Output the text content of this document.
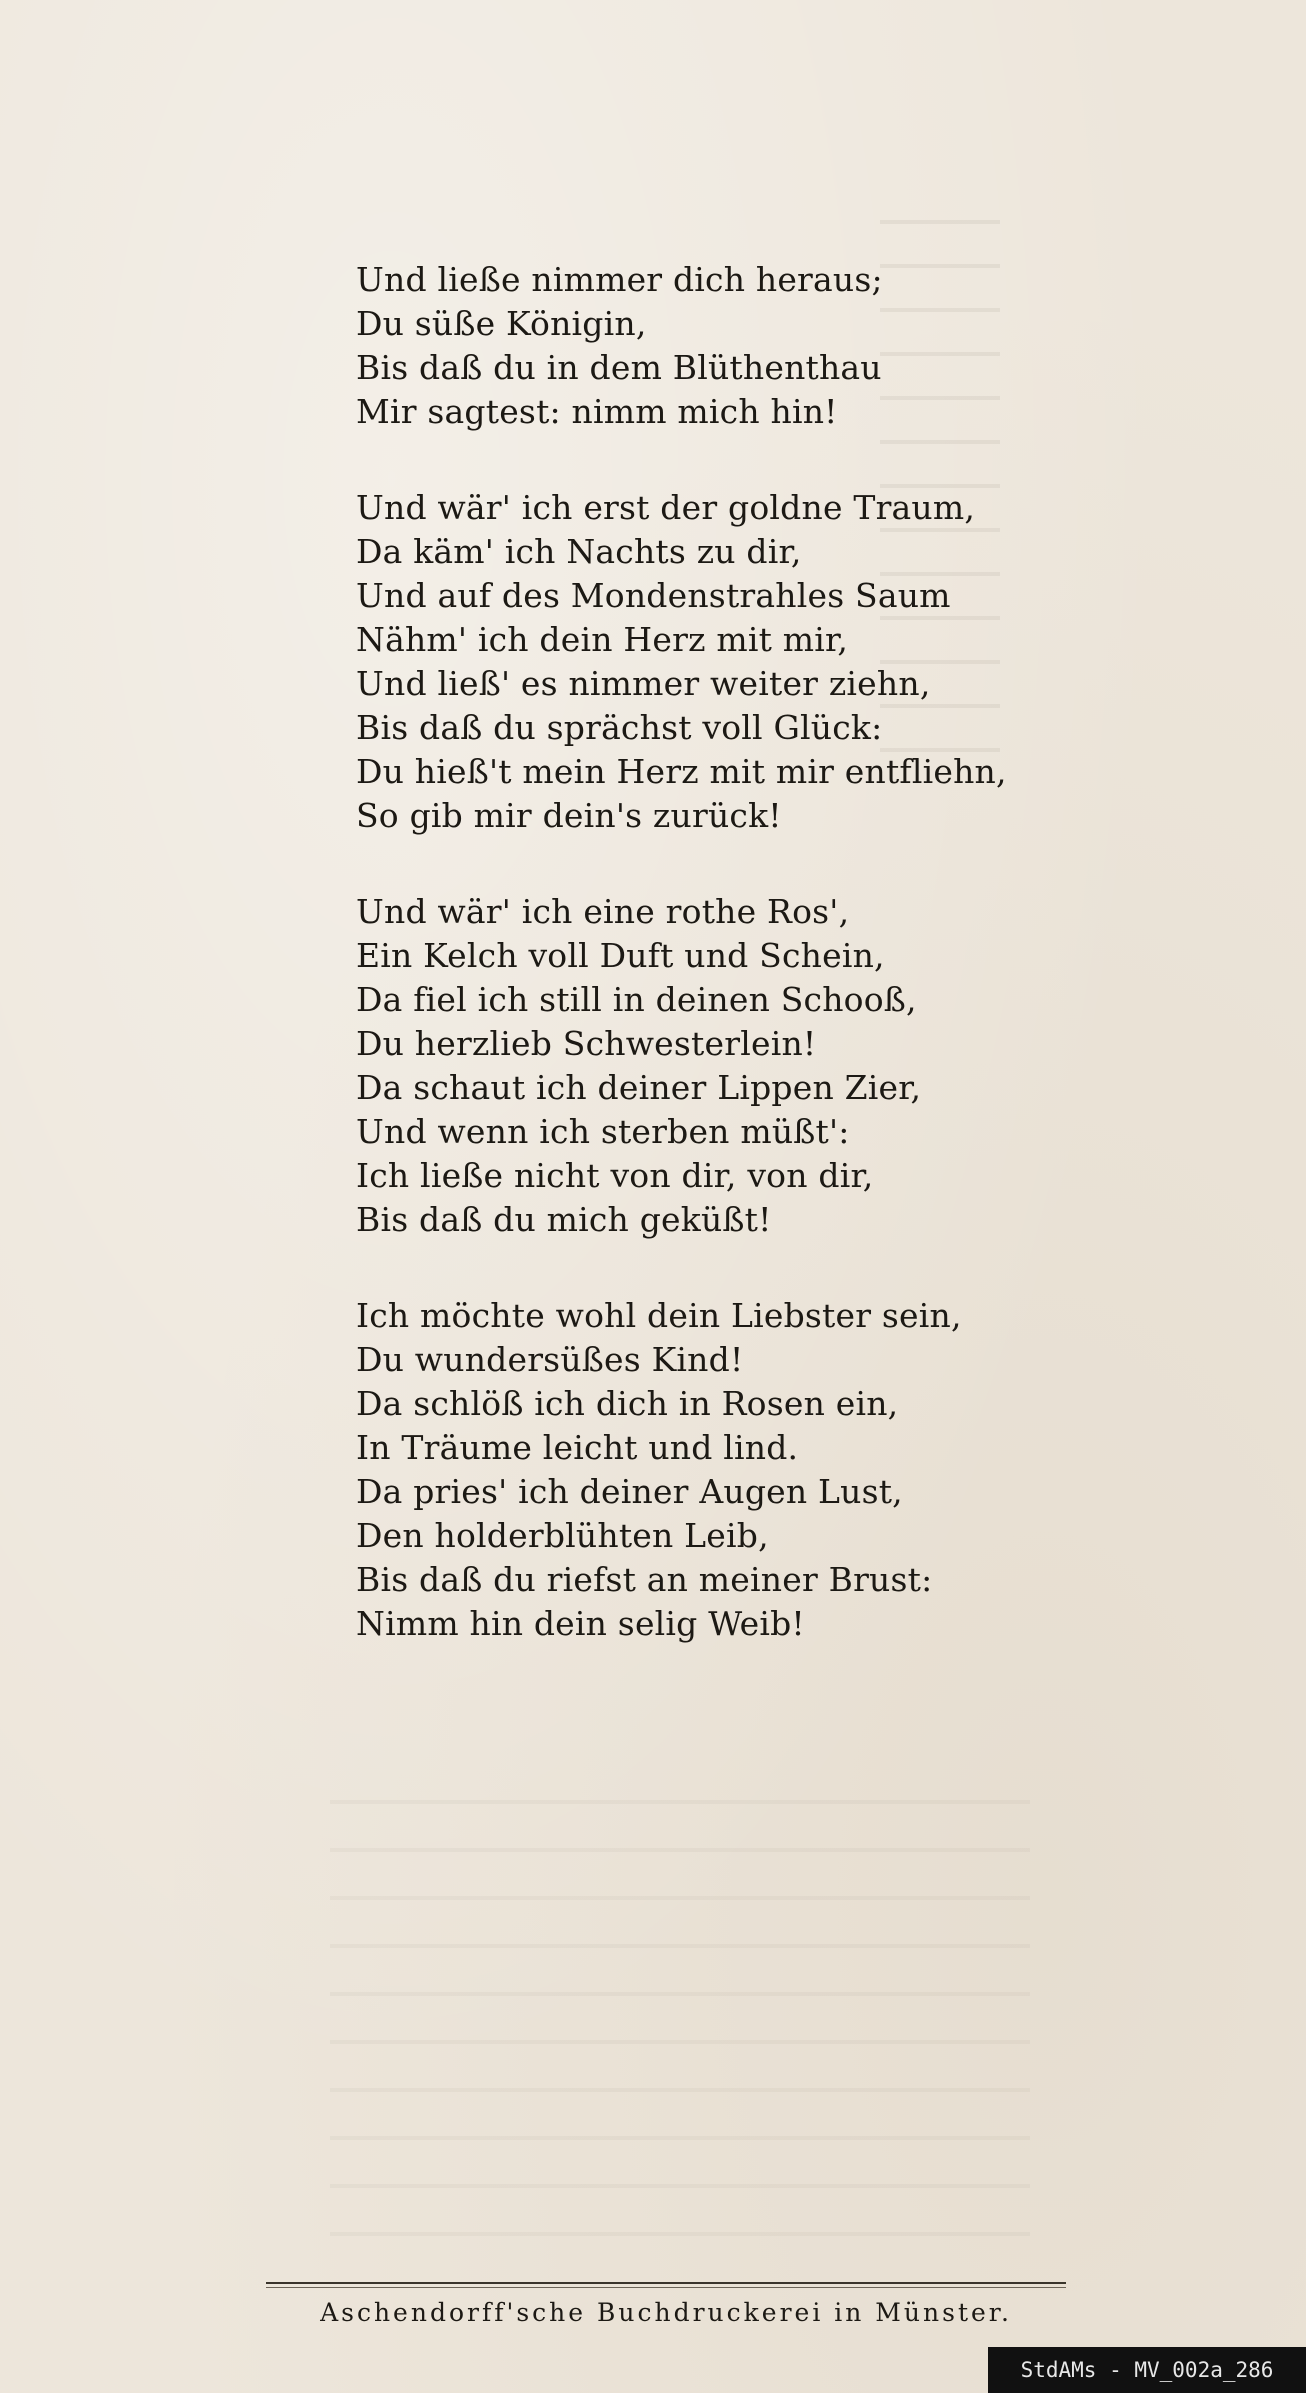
Und ließe nimmer dich heraus;
Du süße Königin,
Bis daß du in dem Blüthenthau
Mir sagtest: nimm mich hin!
Und wär' ich erst der goldne Traum,
Da käm' ich Nachts zu dir,
Und auf des Mondenstrahles Saum
Nähm' ich dein Herz mit mir,
Und ließ' es nimmer weiter ziehn,
Bis daß du sprächst voll Glück:
Du hieß't mein Herz mit mir entfliehn,
So gib mir dein's zurück!
Und wär' ich eine rothe Ros',
Ein Kelch voll Duft und Schein,
Da fiel ich still in deinen Schooß,
Du herzlieb Schwesterlein!
Da schaut ich deiner Lippen Zier,
Und wenn ich sterben müßt':
Ich ließe nicht von dir, von dir,
Bis daß du mich geküßt!
Ich möchte wohl dein Liebster sein,
Du wundersüßes Kind!
Da schlöß ich dich in Rosen ein,
In Träume leicht und lind.
Da pries' ich deiner Augen Lust,
Den holderblühten Leib,
Bis daß du riefst an meiner Brust:
Nimm hin dein selig Weib!
Aschendorff'sche Buchdruckerei in Münster.
StdAMs - MV_002a_286
